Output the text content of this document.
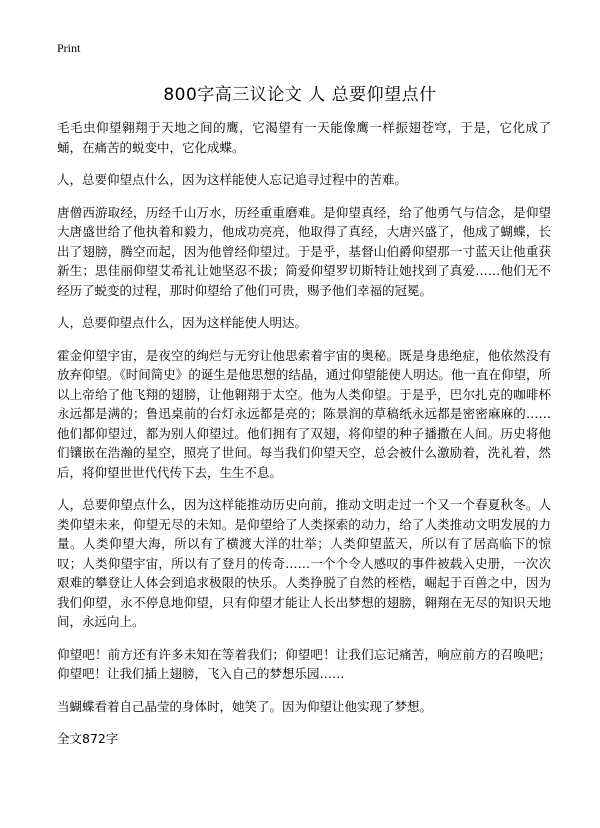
Print
800字高三议论文 人 总要仰望点什

毛毛虫仰望翱翔于天地之间的鹰，它渴望有一天能像鹰一样振翅苍穹，于是，它化成了蛹，在痛苦的蜕变中，它化成蝶。

人，总要仰望点什么，因为这样能使人忘记追寻过程中的苦难。

唐僧西游取经，历经千山万水，历经重重磨难。是仰望真经，给了他勇气与信念，是仰望大唐盛世给了他执着和毅力，他成功亮亮，他取得了真经，大唐兴盛了，他成了蝴蝶，长出了翅膀，腾空而起，因为他曾经仰望过。于是乎，基督山伯爵仰望那一寸蓝天让他重获新生；思佳丽仰望艾希礼让她坚忍不拔；简爱仰望罗切斯特让她找到了真爱……他们无不经历了蜕变的过程，那时仰望给了他们可贵，赐予他们幸福的冠冕。

人，总要仰望点什么，因为这样能使人明达。

霍金仰望宇宙，是夜空的绚烂与无穷让他思索着宇宙的奥秘。既是身患绝症，他依然没有放弃仰望。《时间简史》的诞生是他思想的结晶，通过仰望能使人明达。他一直在仰望，所以上帝给了他飞翔的翅膀，让他翱翔于太空。他为人类仰望。于是乎，巴尔扎克的咖啡杯永远都是满的；鲁迅桌前的台灯永远都是亮的；陈景润的草稿纸永远都是密密麻麻的……他们都仰望过，都为别人仰望过。他们拥有了双翅，将仰望的种子播撒在人间。历史将他们镶嵌在浩瀚的星空，照亮了世间。每当我们仰望天空，总会被什么激励着，洗礼着，然后，将仰望世世代代传下去，生生不息。

人，总要仰望点什么，因为这样能推动历史向前，推动文明走过一个又一个春夏秋冬。人类仰望未来，仰望无尽的未知。是仰望给了人类探索的动力，给了人类推动文明发展的力量。人类仰望大海，所以有了横渡大洋的壮举；人类仰望蓝天，所以有了居高临下的惊叹；人类仰望宇宙，所以有了登月的传奇……一个个令人感叹的事件被载入史册，一次次艰难的攀登让人体会到追求极限的快乐。人类挣脱了自然的桎梏，崛起于百兽之中，因为我们仰望，永不停息地仰望，只有仰望才能让人长出梦想的翅膀，翱翔在无尽的知识天地间，永远向上。

仰望吧！前方还有许多未知在等着我们；仰望吧！让我们忘记痛苦，响应前方的召唤吧；仰望吧！让我们插上翅膀，飞入自己的梦想乐园……

当蝴蝶看着自己晶莹的身体时，她笑了。因为仰望让他实现了梦想。

全文872字
